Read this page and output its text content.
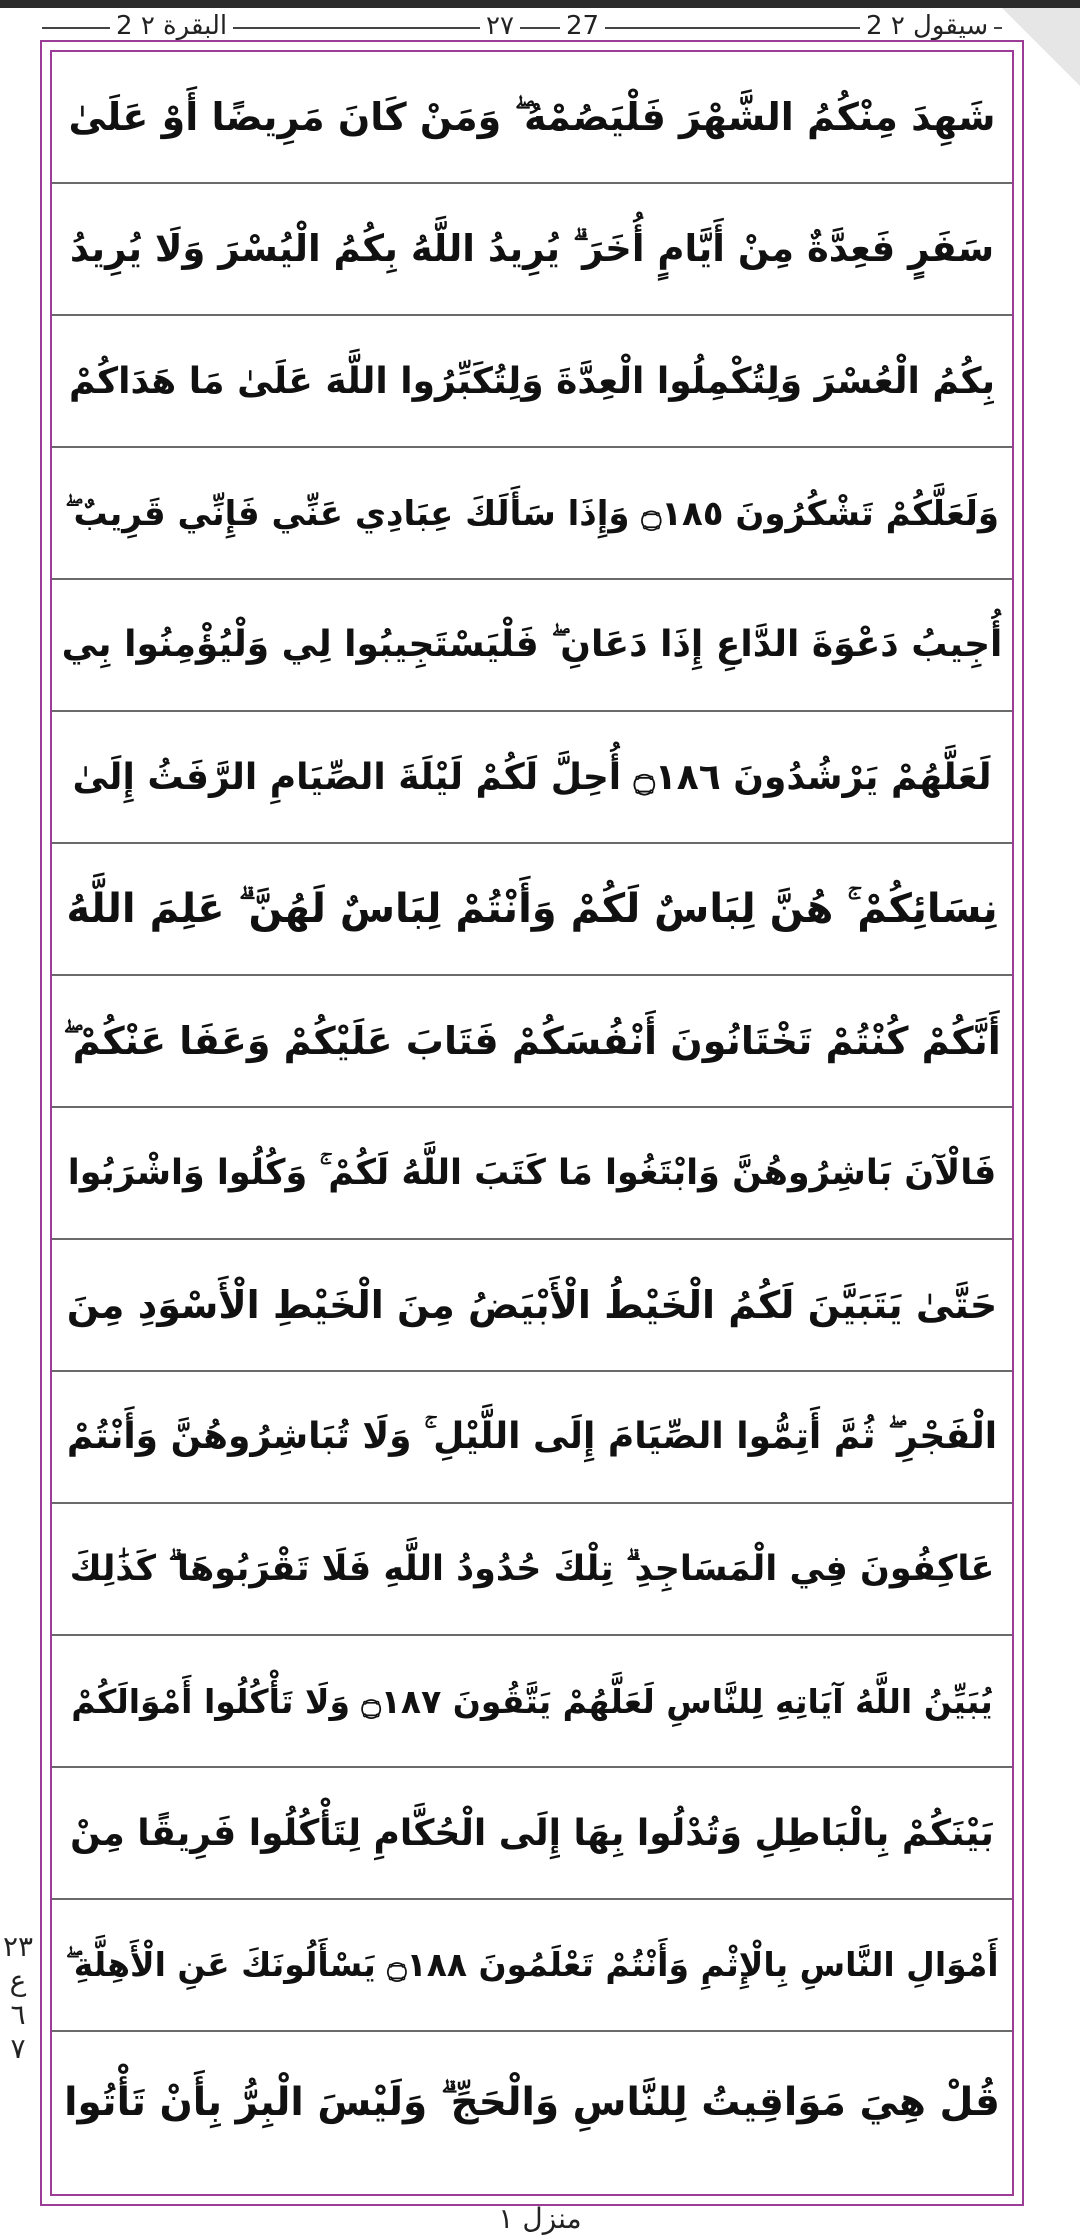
2 البقرة ٢	٢٧ 27	2 سيقول ٢
شَهِدَ مِنْكُمُ الشَّهْرَ فَلْيَصُمْهُ ۖ وَمَنْ كَانَ مَرِيضًا أَوْ عَلَىٰ
سَفَرٍ فَعِدَّةٌ مِنْ أَيَّامٍ أُخَرَ ۗ يُرِيدُ اللَّهُ بِكُمُ الْيُسْرَ وَلَا يُرِيدُ
بِكُمُ الْعُسْرَ وَلِتُكْمِلُوا الْعِدَّةَ وَلِتُكَبِّرُوا اللَّهَ عَلَىٰ مَا هَدَاكُمْ
وَلَعَلَّكُمْ تَشْكُرُونَ ۝١٨٥ وَإِذَا سَأَلَكَ عِبَادِي عَنِّي فَإِنِّي قَرِيبٌ ۖ
أُجِيبُ دَعْوَةَ الدَّاعِ إِذَا دَعَانِ ۖ فَلْيَسْتَجِيبُوا لِي وَلْيُؤْمِنُوا بِي
لَعَلَّهُمْ يَرْشُدُونَ ۝١٨٦ أُحِلَّ لَكُمْ لَيْلَةَ الصِّيَامِ الرَّفَثُ إِلَىٰ
نِسَائِكُمْ ۚ هُنَّ لِبَاسٌ لَكُمْ وَأَنْتُمْ لِبَاسٌ لَهُنَّ ۗ عَلِمَ اللَّهُ
أَنَّكُمْ كُنْتُمْ تَخْتَانُونَ أَنْفُسَكُمْ فَتَابَ عَلَيْكُمْ وَعَفَا عَنْكُمْ ۖ
فَالْآنَ بَاشِرُوهُنَّ وَابْتَغُوا مَا كَتَبَ اللَّهُ لَكُمْ ۚ وَكُلُوا وَاشْرَبُوا
حَتَّىٰ يَتَبَيَّنَ لَكُمُ الْخَيْطُ الْأَبْيَضُ مِنَ الْخَيْطِ الْأَسْوَدِ مِنَ
الْفَجْرِ ۖ ثُمَّ أَتِمُّوا الصِّيَامَ إِلَى اللَّيْلِ ۚ وَلَا تُبَاشِرُوهُنَّ وَأَنْتُمْ
عَاكِفُونَ فِي الْمَسَاجِدِ ۗ تِلْكَ حُدُودُ اللَّهِ فَلَا تَقْرَبُوهَا ۗ كَذَٰلِكَ
يُبَيِّنُ اللَّهُ آيَاتِهِ لِلنَّاسِ لَعَلَّهُمْ يَتَّقُونَ ۝١٨٧ وَلَا تَأْكُلُوا أَمْوَالَكُمْ
بَيْنَكُمْ بِالْبَاطِلِ وَتُدْلُوا بِهَا إِلَى الْحُكَّامِ لِتَأْكُلُوا فَرِيقًا مِنْ
أَمْوَالِ النَّاسِ بِالْإِثْمِ وَأَنْتُمْ تَعْلَمُونَ ۝١٨٨ يَسْأَلُونَكَ عَنِ الْأَهِلَّةِ ۖ
قُلْ هِيَ مَوَاقِيتُ لِلنَّاسِ وَالْحَجِّ ۗ وَلَيْسَ الْبِرُّ بِأَنْ تَأْتُوا
٢٣
ع
٦
٧
منزل ١
